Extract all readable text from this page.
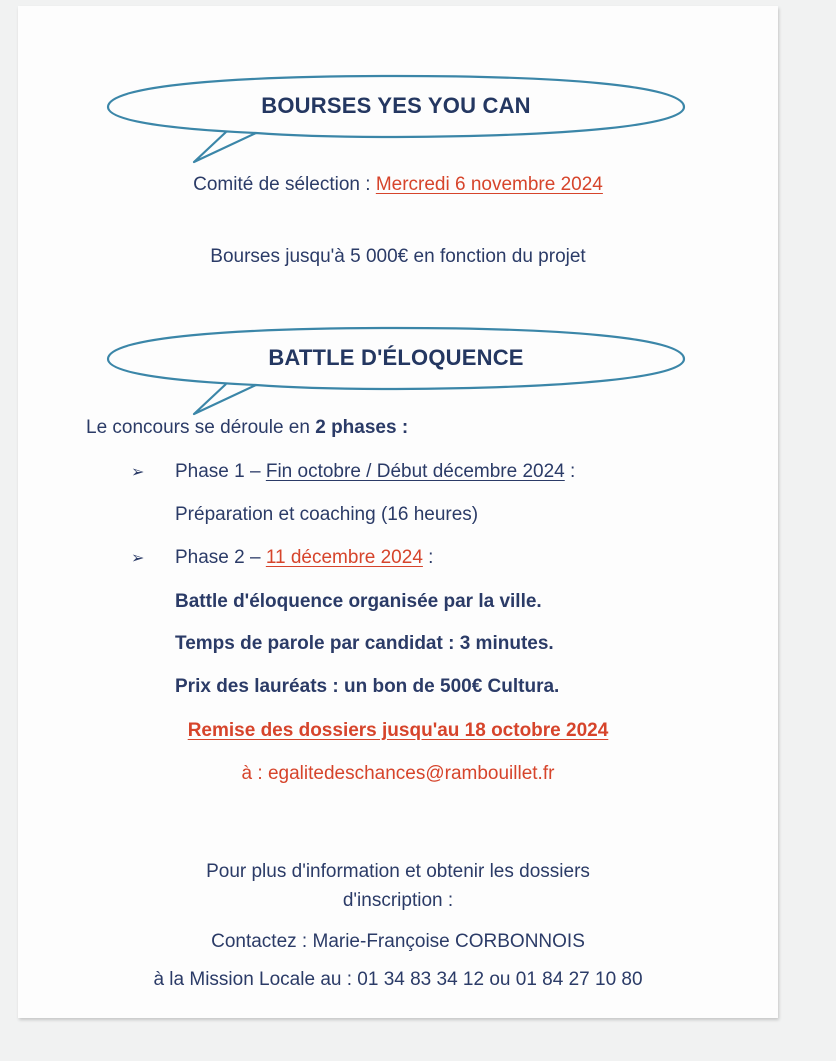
BOURSES YES YOU CAN
Comité de sélection : Mercredi 6 novembre 2024
Bourses jusqu'à 5 000€ en fonction du projet
BATTLE D'ÉLOQUENCE
Le concours se déroule en 2 phases :
➢ Phase 1 – Fin octobre / Début décembre 2024 :
Préparation et coaching (16 heures)
➢ Phase 2 – 11 décembre 2024 :
Battle d'éloquence organisée par la ville.
Temps de parole par candidat : 3 minutes.
Prix des lauréats : un bon de 500€ Cultura.
Remise des dossiers jusqu'au 18 octobre 2024
à : egalitedeschances@rambouillet.fr
Pour plus d'information et obtenir les dossiers
d'inscription :
Contactez : Marie-Françoise CORBONNOIS
à la Mission Locale au : 01 34 83 34 12 ou 01 84 27 10 80
